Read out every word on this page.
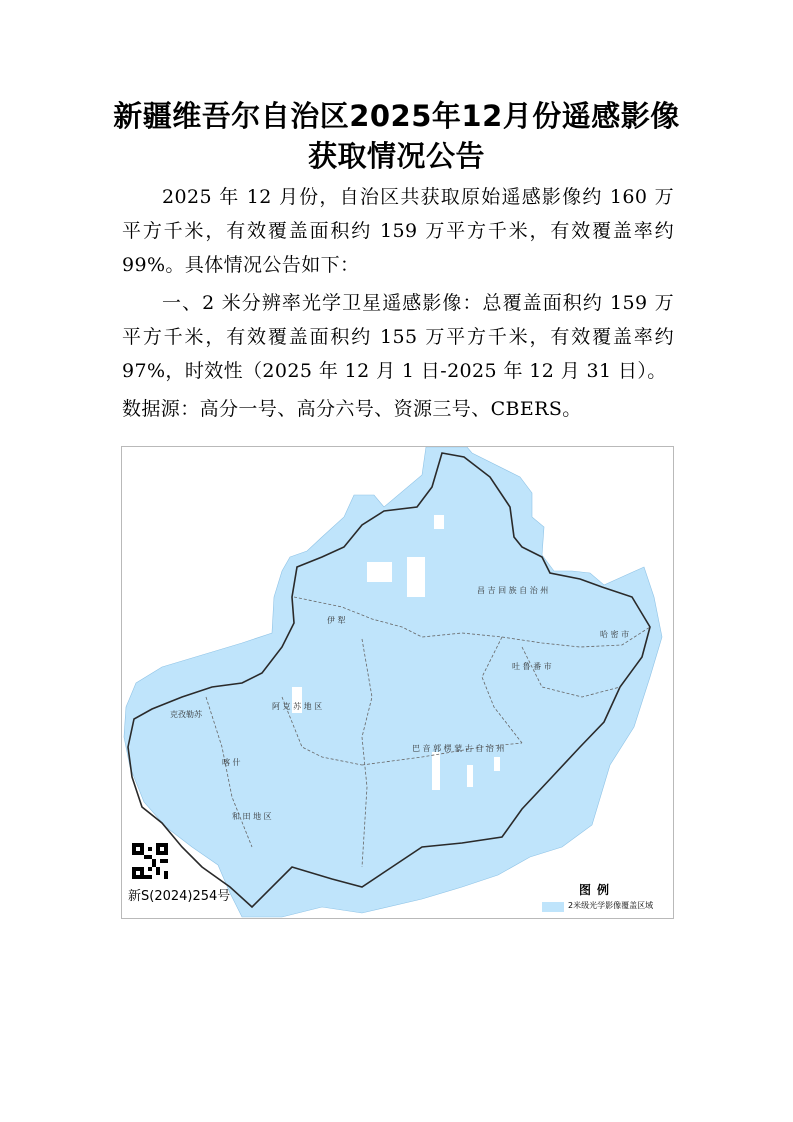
新疆维吾尔自治区2025年12月份遥感影像
获取情况公告
2025 年 12 月份，自治区共获取原始遥感影像约 160 万平方千米，有效覆盖面积约 159 万平方千米，有效覆盖率约 99%。具体情况公告如下：
一、2 米分辨率光学卫星遥感影像：总覆盖面积约 159 万平方千米，有效覆盖面积约 155 万平方千米，有效覆盖率约 97%，时效性（2025 年 12 月 1 日-2025 年 12 月 31 日）。
数据源：高分一号、高分六号、资源三号、CBERS。
巴 音 郭 楞 蒙 古 自 治 州
和 田 地 区
阿 克 苏 地 区
哈 密 市
吐 鲁 番 市
昌 吉 回 族 自 治 州
伊 犁
喀 什
克孜勒苏
新S(2024)254号	图例
2米级光学影像覆盖区域
